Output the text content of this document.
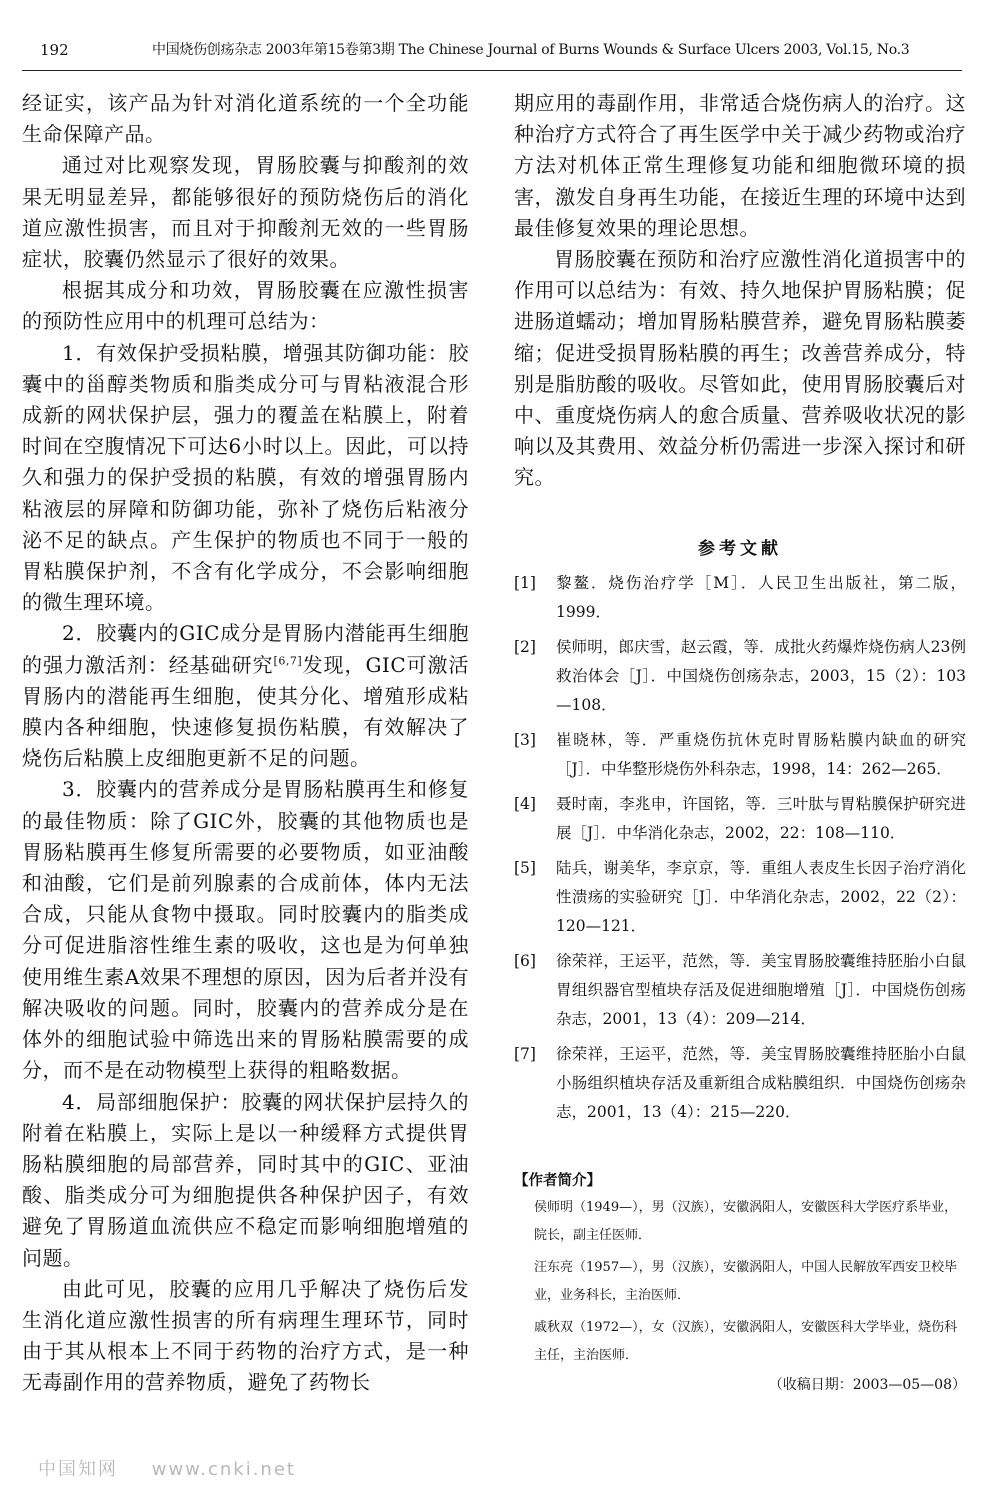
192	中国烧伤创疡杂志 2003年第15卷第3期 The Chinese Journal of Burns Wounds & Surface Ulcers 2003, Vol.15, No.3

经证实，该产品为针对消化道系统的一个全功能生命保障产品。

通过对比观察发现，胃肠胶囊与抑酸剂的效果无明显差异，都能够很好的预防烧伤后的消化道应激性损害，而且对于抑酸剂无效的一些胃肠症状，胶囊仍然显示了很好的效果。

根据其成分和功效，胃肠胶囊在应激性损害的预防性应用中的机理可总结为：

1．有效保护受损粘膜，增强其防御功能：胶囊中的甾醇类物质和脂类成分可与胃粘液混合形成新的网状保护层，强力的覆盖在粘膜上，附着时间在空腹情况下可达6小时以上。因此，可以持久和强力的保护受损的粘膜，有效的增强胃肠内粘液层的屏障和防御功能，弥补了烧伤后粘液分泌不足的缺点。产生保护的物质也不同于一般的胃粘膜保护剂，不含有化学成分，不会影响细胞的微生理环境。

2．胶囊内的GIC成分是胃肠内潜能再生细胞的强力激活剂：经基础研究[6,7]发现，GIC可激活胃肠内的潜能再生细胞，使其分化、增殖形成粘膜内各种细胞，快速修复损伤粘膜，有效解决了烧伤后粘膜上皮细胞更新不足的问题。

3．胶囊内的营养成分是胃肠粘膜再生和修复的最佳物质：除了GIC外，胶囊的其他物质也是胃肠粘膜再生修复所需要的必要物质，如亚油酸和油酸，它们是前列腺素的合成前体，体内无法合成，只能从食物中摄取。同时胶囊内的脂类成分可促进脂溶性维生素的吸收，这也是为何单独使用维生素A效果不理想的原因，因为后者并没有解决吸收的问题。同时，胶囊内的营养成分是在体外的细胞试验中筛选出来的胃肠粘膜需要的成分，而不是在动物模型上获得的粗略数据。

4．局部细胞保护：胶囊的网状保护层持久的附着在粘膜上，实际上是以一种缓释方式提供胃肠粘膜细胞的局部营养，同时其中的GIC、亚油酸、脂类成分可为细胞提供各种保护因子，有效避免了胃肠道血流供应不稳定而影响细胞增殖的问题。

由此可见，胶囊的应用几乎解决了烧伤后发生消化道应激性损害的所有病理生理环节，同时由于其从根本上不同于药物的治疗方式，是一种无毒副作用的营养物质，避免了药物长

期应用的毒副作用，非常适合烧伤病人的治疗。这种治疗方式符合了再生医学中关于减少药物或治疗方法对机体正常生理修复功能和细胞微环境的损害，激发自身再生功能，在接近生理的环境中达到最佳修复效果的理论思想。

胃肠胶囊在预防和治疗应激性消化道损害中的作用可以总结为：有效、持久地保护胃肠粘膜；促进肠道蠕动；增加胃肠粘膜营养，避免胃肠粘膜萎缩；促进受损胃肠粘膜的再生；改善营养成分，特别是脂肪酸的吸收。尽管如此，使用胃肠胶囊后对中、重度烧伤病人的愈合质量、营养吸收状况的影响以及其费用、效益分析仍需进一步深入探讨和研究。

参考文献
[1] 黎鳌．烧伤治疗学［M］．人民卫生出版社，第二版，1999．
[2] 侯师明，郎庆雪，赵云霞，等．成批火药爆炸烧伤病人23例救治体会［J］．中国烧伤创疡杂志，2003，15（2）：103—108．
[3] 崔晓林，等．严重烧伤抗休克时胃肠粘膜内缺血的研究［J］．中华整形烧伤外科杂志，1998，14：262—265．
[4] 聂时南，李兆申，许国铭，等．三叶肽与胃粘膜保护研究进展［J］．中华消化杂志，2002，22：108—110．
[5] 陆兵，谢美华，李京京，等．重组人表皮生长因子治疗消化性溃疡的实验研究［J］．中华消化杂志，2002，22（2）：120—121．
[6] 徐荣祥，王运平，范然，等．美宝胃肠胶囊维持胚胎小白鼠胃组织器官型植块存活及促进细胞增殖［J］．中国烧伤创疡杂志，2001，13（4）：209—214．
[7] 徐荣祥，王运平，范然，等．美宝胃肠胶囊维持胚胎小白鼠小肠组织植块存活及重新组合成粘膜组织．中国烧伤创疡杂志，2001，13（4）：215—220．
【作者简介】
侯师明（1949—），男（汉族），安徽涡阳人，安徽医科大学医疗系毕业，院长，副主任医师．
汪东亮（1957—），男（汉族），安徽涡阳人，中国人民解放军西安卫校毕业，业务科长，主治医师．
戚秋双（1972—），女（汉族），安徽涡阳人，安徽医科大学毕业，烧伤科主任，主治医师．
（收稿日期：2003—05—08）
中国知网 www.cnki.net
